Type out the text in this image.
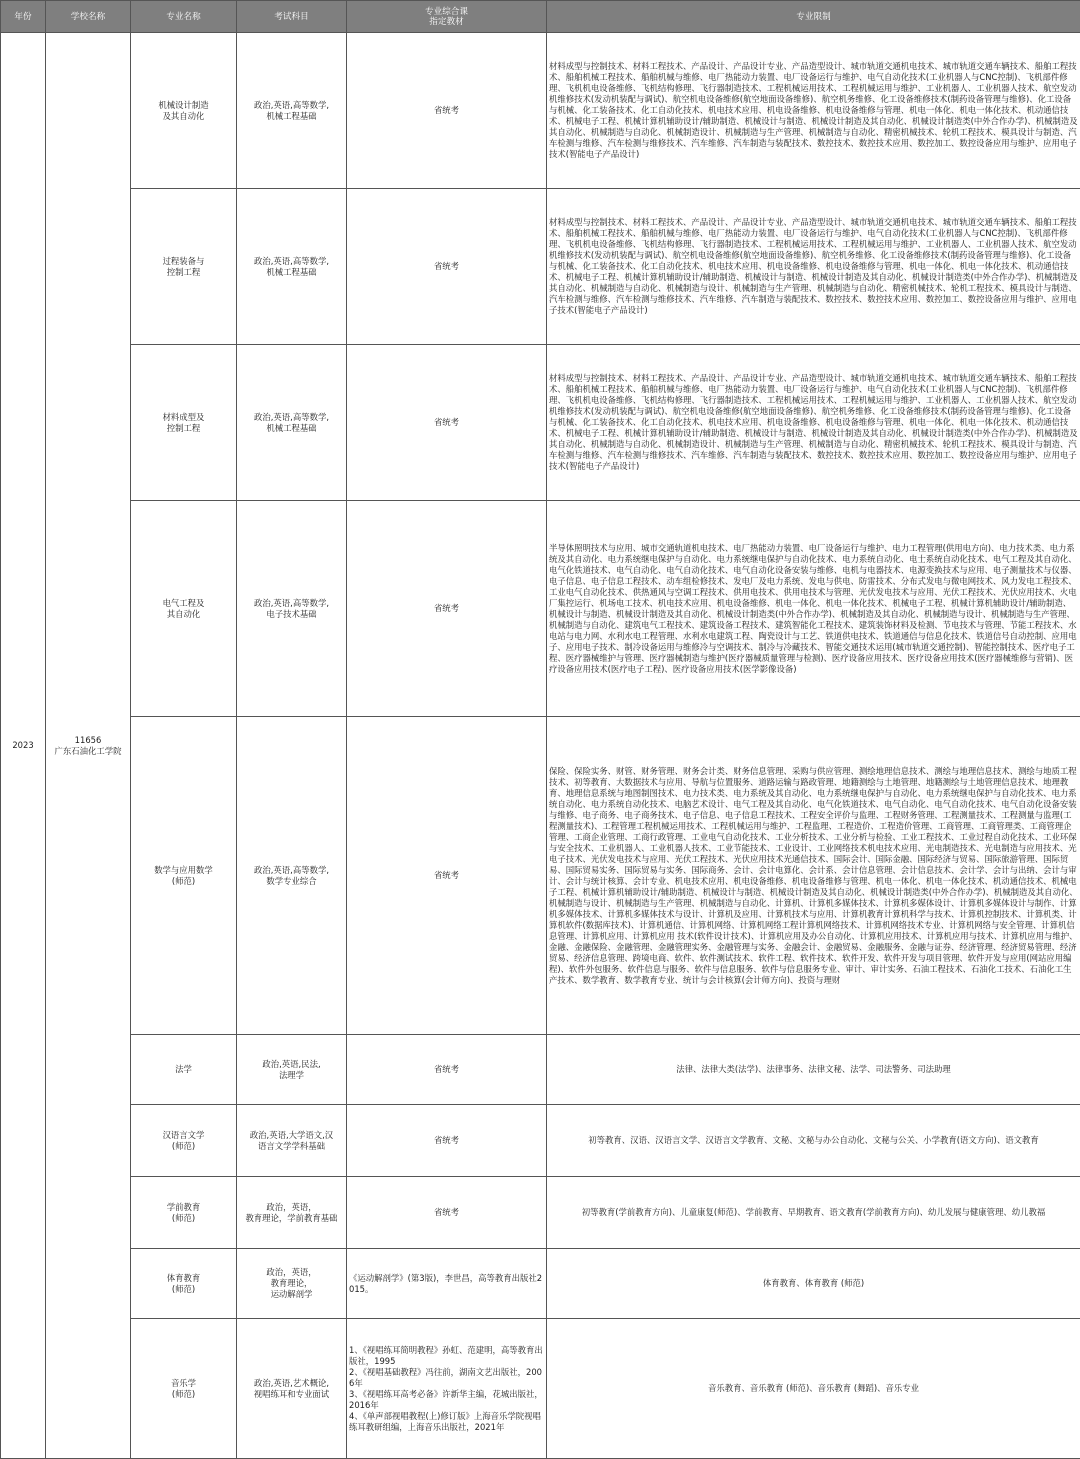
年份	学校名称	专业名称	考试科目	专业综合课
指定教材	专业限制
2023	11656
广东石油化工学院	机械设计制造
及其自动化	政治,英语,高等数学,
机械工程基础	省统考	材料成型与控制技术、材料工程技术、产品设计、产品设计专业、产品造型设计、城市轨道交通机电技术、城市轨道交通车辆技术、船舶工程技术、船舶机械工程技术、船舶机械与维修、电厂热能动力装置、电厂设备运行与维护、电气自动化技术(工业机器人与CNC控制)、飞机部件修理、飞机机电设备维修、飞机结构修理、飞行器制造技术、工程机械运用技术、工程机械运用与维护、工业机器人、工业机器人技术、航空发动机维修技术(发动机装配与调试)、航空机电设备维修(航空地面设备维修)、航空机务维修、化工设备维修技术(制药设备管理与维修)、化工设备与机械、化工装备技术、化工自动化技术、机电技术应用、机电设备维修、机电设备维修与管理、机电一体化、机电一体化技术、机动通信技术、机械电子工程、机械计算机辅助设计/辅助制造、机械设计与制造、机械设计制造及其自动化、机械设计制造类(中外合作办学)、机械制造及其自动化、机械制造与自动化、机械制造设计、机械制造与生产管理、机械制造与自动化、精密机械技术、轮机工程技术、模具设计与制造、汽车检测与维修、汽车检测与维修技术、汽车维修、汽车制造与装配技术、数控技术、数控技术应用、数控加工、数控设备应用与维护、应用电子技术(智能电子产品设计)
		过程装备与
控制工程	政治,英语,高等数学,
机械工程基础	省统考	材料成型与控制技术、材料工程技术、产品设计、产品设计专业、产品造型设计、城市轨道交通机电技术、城市轨道交通车辆技术、船舶工程技术、船舶机械工程技术、船舶机械与维修、电厂热能动力装置、电厂设备运行与维护、电气自动化技术(工业机器人与CNC控制)、飞机部件修理、飞机机电设备维修、飞机结构修理、飞行器制造技术、工程机械运用技术、工程机械运用与维护、工业机器人、工业机器人技术、航空发动机维修技术(发动机装配与调试)、航空机电设备维修(航空地面设备维修)、航空机务维修、化工设备维修技术(制药设备管理与维修)、化工设备与机械、化工装备技术、化工自动化技术、机电技术应用、机电设备维修、机电设备维修与管理、机电一体化、机电一体化技术、机动通信技术、机械电子工程、机械计算机辅助设计/辅助制造、机械设计与制造、机械设计制造及其自动化、机械设计制造类(中外合作办学)、机械制造及其自动化、机械制造与自动化、机械制造与设计、机械制造与生产管理、机械制造与自动化、精密机械技术、轮机工程技术、模具设计与制造、汽车检测与维修、汽车检测与维修技术、汽车维修、汽车制造与装配技术、数控技术、数控技术应用、数控加工、数控设备应用与维护、应用电子技术(智能电子产品设计)
		材料成型及
控制工程	政治,英语,高等数学,
机械工程基础	省统考	材料成型与控制技术、材料工程技术、产品设计、产品设计专业、产品造型设计、城市轨道交通机电技术、城市轨道交通车辆技术、船舶工程技术、船舶机械工程技术、船舶机械与维修、电厂热能动力装置、电厂设备运行与维护、电气自动化技术(工业机器人与CNC控制)、飞机部件修理、飞机机电设备维修、飞机结构修理、飞行器制造技术、工程机械运用技术、工程机械运用与维护、工业机器人、工业机器人技术、航空发动机维修技术(发动机装配与调试)、航空机电设备维修(航空地面设备维修)、航空机务维修、化工设备维修技术(制药设备管理与维修)、化工设备与机械、化工装备技术、化工自动化技术、机电技术应用、机电设备维修、机电设备维修与管理、机电一体化、机电一体化技术、机动通信技术、机械电子工程、机械计算机辅助设计/辅助制造、机械设计与制造、机械设计制造及其自动化、机械设计制造类(中外合作办学)、机械制造及其自动化、机械制造与自动化、机械制造设计、机械制造与生产管理、机械制造与自动化、精密机械技术、轮机工程技术、模具设计与制造、汽车检测与维修、汽车检测与维修技术、汽车维修、汽车制造与装配技术、数控技术、数控技术应用、数控加工、数控设备应用与维护、应用电子技术(智能电子产品设计)
		电气工程及
其自动化	政治,英语,高等数学,
电子技术基础	省统考	半导体照明技术与应用、城市交通轨道机电技术、电厂热能动力装置、电厂设备运行与维护、电力工程管理(供用电方向)、电力技术类、电力系统及其自动化、电力系统继电保护与自动化、电力系统继电保护与自动化技术、电力系统自动化、电士系统自动化技术、电气工程及其自动化、电气化铁道技术、电气自动化、电气自动化技术、电气自动化设备安装与维修、电机与电器技术、电源变换技术与应用、电子测量技术与仪器、电子信息、电子信息工程技术、动车组检修技术、发电厂及电力系统、发电与供电、防雷技术、分布式发电与微电网技术、风力发电工程技术、工业电气自动化技术、供热通风与空调工程技术、供用电技术、供用电技术与管理、光伏发电技术与应用、光伏工程技术、光伏应用技术、火电厂集控运行、机场电工技术、机电技术应用、机电设备维修、机电一体化、机电一体化技术、机械电子工程、机械计算机辅助设计/辅助制造、机械设计与制造、机械设计制造及其自动化、机械设计制造类(中外合作办学)、机械制造及其自动化、机械制造与设计、机械制造与生产管理、机械制造与自动化、建筑电气工程技术、建筑设备工程技术、建筑智能化工程技术、建筑装饰材料及检测、节电技术与管理、节能工程技术、水电站与电力网、水利水电工程管理、水利水电建筑工程、陶瓷设计与工艺、铁道供电技术、铁道通信与信息化技术、铁道信号自动控制、应用电子、应用电子技术、制冷设备运用与维修冷与空调技术、制冷与冷藏技术、智能交通技术运用(城市轨道交通控制)、智能控制技术、医疗电子工程、医疗器械维护与管理、医疗器械制造与维护(医疗器械质量管理与检测)、医疗设备应用技术、医疗设备应用技术(医疗器械维修与营销)、医疗设备应用技术(医疗电子工程)、医疗设备应用技术(医学影像设备)
		数学与应用数学
(师范)	政治,英语,高等数学,
数学专业综合	省统考	保险、保险实务、财管、财务管理、财务会计类、财务信息管理、采购与供应管理、测绘地理信息技术、测绘与地理信息技术、测绘与地质工程技术、初等教育、大数据技术与应用、导航与位置服务、道路运输与路政管理、地籍测绘与土地管理、地籍测绘与土地管理信息技术、地理教育、地理信息系统与地图制图技术、电力技术类、电力系统及其自动化、电力系统继电保护与自动化、电力系统继电保护与自动化技术、电力系统自动化、电力系统自动化技术、电脑艺术设计、电气工程及其自动化、电气化铁道技术、电气自动化、电气自动化技术、电气自动化设备安装与维修、电子商务、电子商务技术、电子信息、电子信息工程技术、工程安全评价与监理、工程财务管理、工程测量技术、工程测量与监理(工程测量技术)、工程管理工程机械运用技术、工程机械运用与维护、工程监理、工程造价、工程造价管理、工商管理、工商管理类、工商管理企管理、工商企业管理、工商行政管理、工业电气自动化技术、工业分析技术、工业分析与检验、工业工程技术、工业过程自动化技术、工业环保与安全技术、工业机器人、工业机器人技术、工业节能技术、工业设计、工业网络技术机电技术应用、光电制造技术、光电制造与应用技术、光电子技术、光伏发电技术与应用、光伏工程技术、光伏应用技术光通信技术、国际会计、国际金融、国际经济与贸易、国际旅游管理、国际贸易、国际贸易实务、国际贸易与实务、国际商务、会计、会计电算化、会计系、会计信息管理、会计信息技术、会计学、会计与出纳、会计与审计、会计与统计核算、会计专业、机电技术应用、机电设备维修、机电设备维修与管理、机电一体化、机电一体化技术、机动通信技术、机械电子工程、机械计算机辅助设计/辅助制造、机械设计与制造、机械设计制造及其自动化、机械设计制造类(中外合作办学)、机械制造及其自动化、机械制造与设计、机械制造与生产管理、机械制造与自动化、计算机、计算机多媒体技术、计算机多媒体设计、计算机多媒体设计与制作、计算机多媒体技术、计算机多媒体技术与设计、计算机及应用、计算机技术与应用、计算机教育计算机科学与技术、计算机控制技术、计算机类、计算机软件(数据库技术)、计算机通信、计算机网络、计算机网络工程计算机网络技术、计算机网络技术专业、计算机网络与安全管理、计算机信息管理、计算机应用、计算机应用 技术(软件设计技术)、计算机应用及办公自动化、计算机应用技术、计算机应用与技术、计算机应用与维护、金融、金融保险、金融管理、金融管理实务、金融管理与实务、金融会计、金融贸易、金融服务、金融与证券、经济管理、经济贸易管理、经济贸易、经济信息管理、跨境电商、软件、软件测试技术、软件工程、软件技术、软件开发、软件开发与项目管理、软件开发与应用(网站应用编程)、软件外包服务、软件信息与服务、软件与信息服务、软件与信息服务专业、审计、审计实务、石油工程技术、石油化工技术、石油化工生产技术、数学教育、数学教育专业、统计与会计核算(会计师方向)、投资与理财
		法学	政治,英语,民法,
法理学	省统考	法律、法律大类(法学)、法律事务、法律文秘、法学、司法警务、司法助理
		汉语言文学
(师范)	政治,英语,大学语文,汉
语言文学学科基础	省统考	初等教育、汉语、汉语言文学、汉语言文学教育、文秘、文秘与办公自动化、文秘与公关、小学教育(语文方向)、语文教育
		学前教育
(师范)	政治，英语，
教育理论，学前教育基础	省统考	初等教育(学前教育方向)、儿童康复(师范)、学前教育、早期教育、语文教育(学前教育方向)、幼儿发展与健康管理、幼儿教福
		体育教育
(师范)	政治，英语，
教育理论，
运动解剖学	《运动解剖学》(第3版)，李世昌，高等教育出版社2015。	体育教育、体育教育 (师范)
		音乐学
(师范)	政治,英语,艺术概论,
视唱练耳和专业面试	1、《视唱练耳简明教程》孙虹、范建明，高等教育出版社，1995
2、《视唱基础教程》冯往前，湖南文艺出版社，2006年
3、《视唱练耳高考必备》许新华主编，花城出版社，2016年
4、《单声部视唱教程(上)修订版》上海音乐学院视唱练耳教研组编，上海音乐出版社，2021年	音乐教育、音乐教育 (师范)、音乐教育 (舞蹈)、音乐专业
